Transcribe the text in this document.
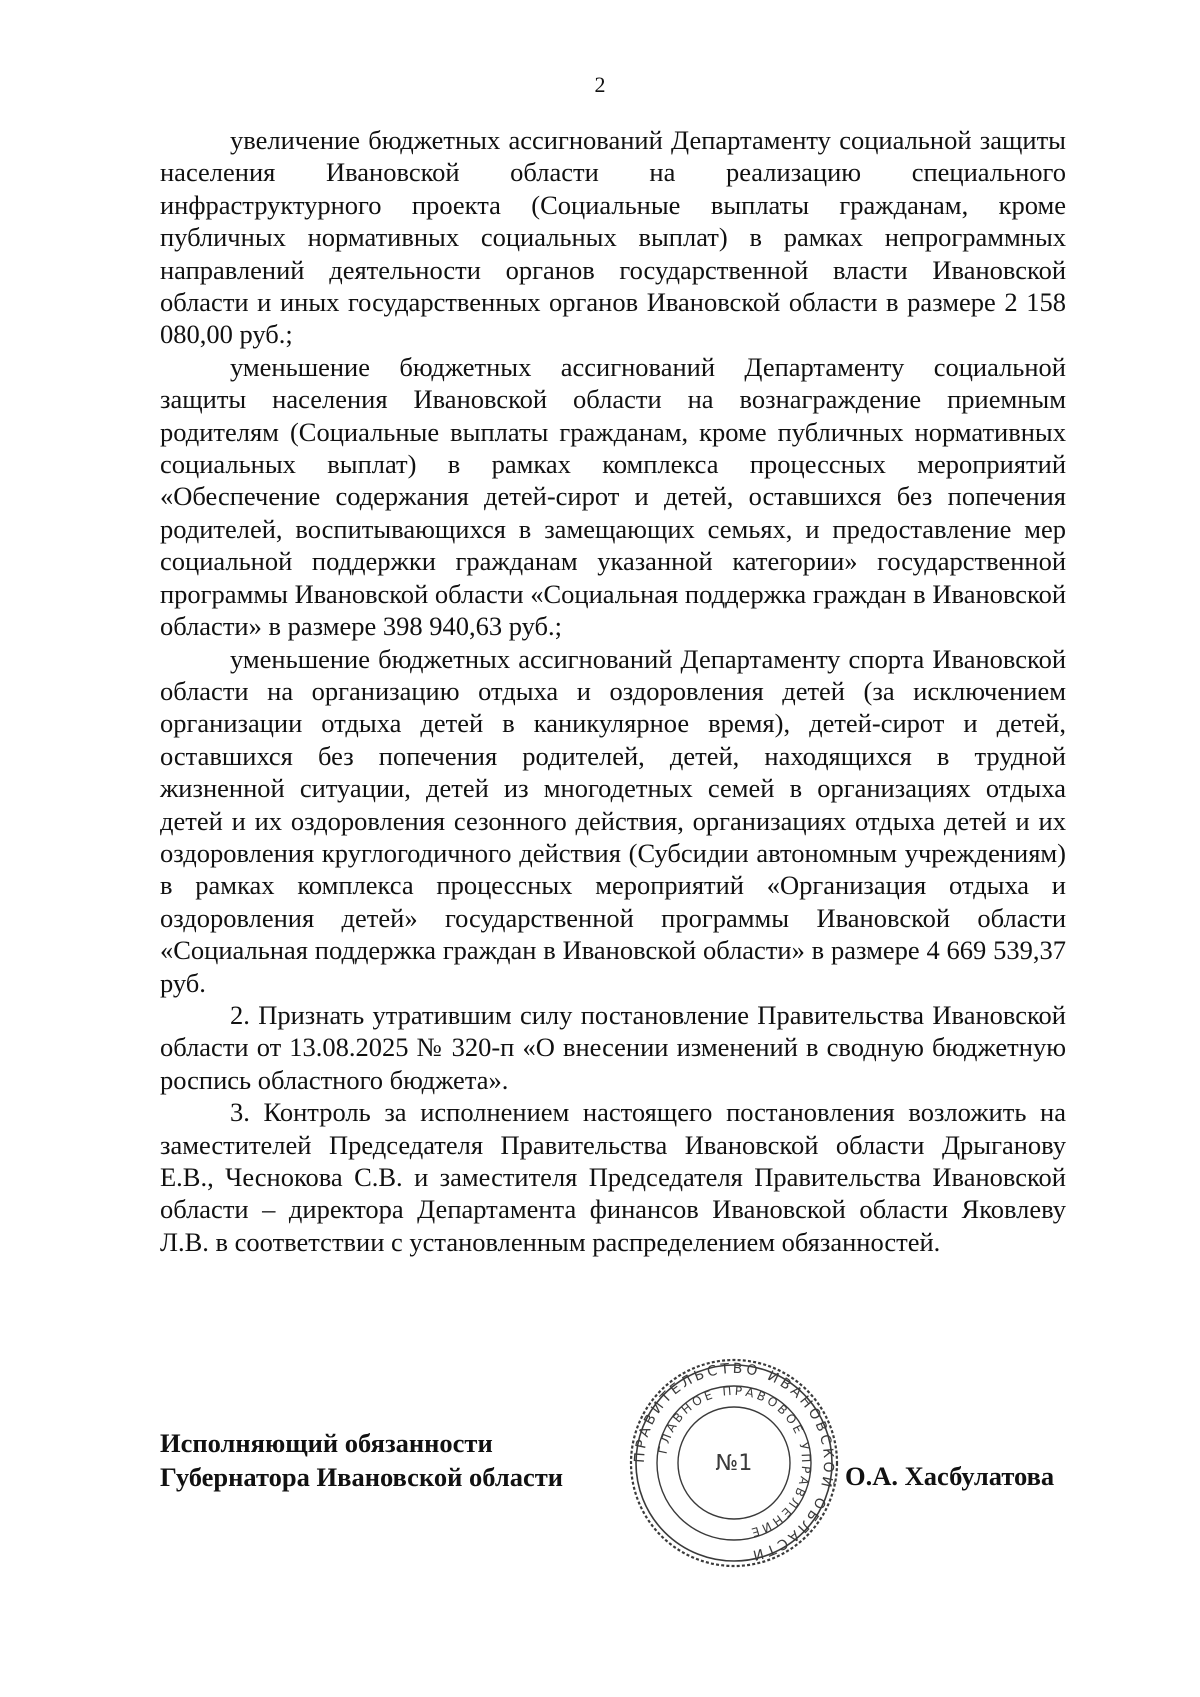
2

увеличение бюджетных ассигнований Департаменту социальной защиты населения Ивановской области на реализацию специального инфраструктурного проекта (Социальные выплаты гражданам, кроме публичных нормативных социальных выплат) в рамках непрограммных направлений деятельности органов государственной власти Ивановской области и иных государственных органов Ивановской области в размере 2 158 080,00 руб.;

уменьшение бюджетных ассигнований Департаменту социальной защиты населения Ивановской области на вознаграждение приемным родителям (Социальные выплаты гражданам, кроме публичных нормативных социальных выплат) в рамках комплекса процессных мероприятий «Обеспечение содержания детей-сирот и детей, оставшихся без попечения родителей, воспитывающихся в замещающих семьях, и предоставление мер социальной поддержки гражданам указанной категории» государственной программы Ивановской области «Социальная поддержка граждан в Ивановской области» в размере 398 940,63 руб.;

уменьшение бюджетных ассигнований Департаменту спорта Ивановской области на организацию отдыха и оздоровления детей (за исключением организации отдыха детей в каникулярное время), детей-сирот и детей, оставшихся без попечения родителей, детей, находящихся в трудной жизненной ситуации, детей из многодетных семей в организациях отдыха детей и их оздоровления сезонного действия, организациях отдыха детей и их оздоровления круглогодичного действия (Субсидии автономным учреждениям) в рамках комплекса процессных мероприятий «Организация отдыха и оздоровления детей» государственной программы Ивановской области «Социальная поддержка граждан в Ивановской области» в размере 4 669 539,37 руб.

2. Признать утратившим силу постановление Правительства Ивановской области от 13.08.2025 № 320-п «О внесении изменений в сводную бюджетную роспись областного бюджета».

3. Контроль за исполнением настоящего постановления возложить на заместителей Председателя Правительства Ивановской области Дрыганову Е.В., Чеснокова С.В. и заместителя Председателя Правительства Ивановской области – директора Департамента финансов Ивановской области Яковлеву Л.В. в соответствии с установленным распределением обязанностей.

Исполняющий обязанности
Губернатора Ивановской области	О.А. Хасбулатова
ПРАВИТЕЛЬСТВО ИВАНОВСКОЙ ОБЛАСТИ
ГЛАВНОЕ ПРАВОВОЕ УПРАВЛЕНИЕ
№1
